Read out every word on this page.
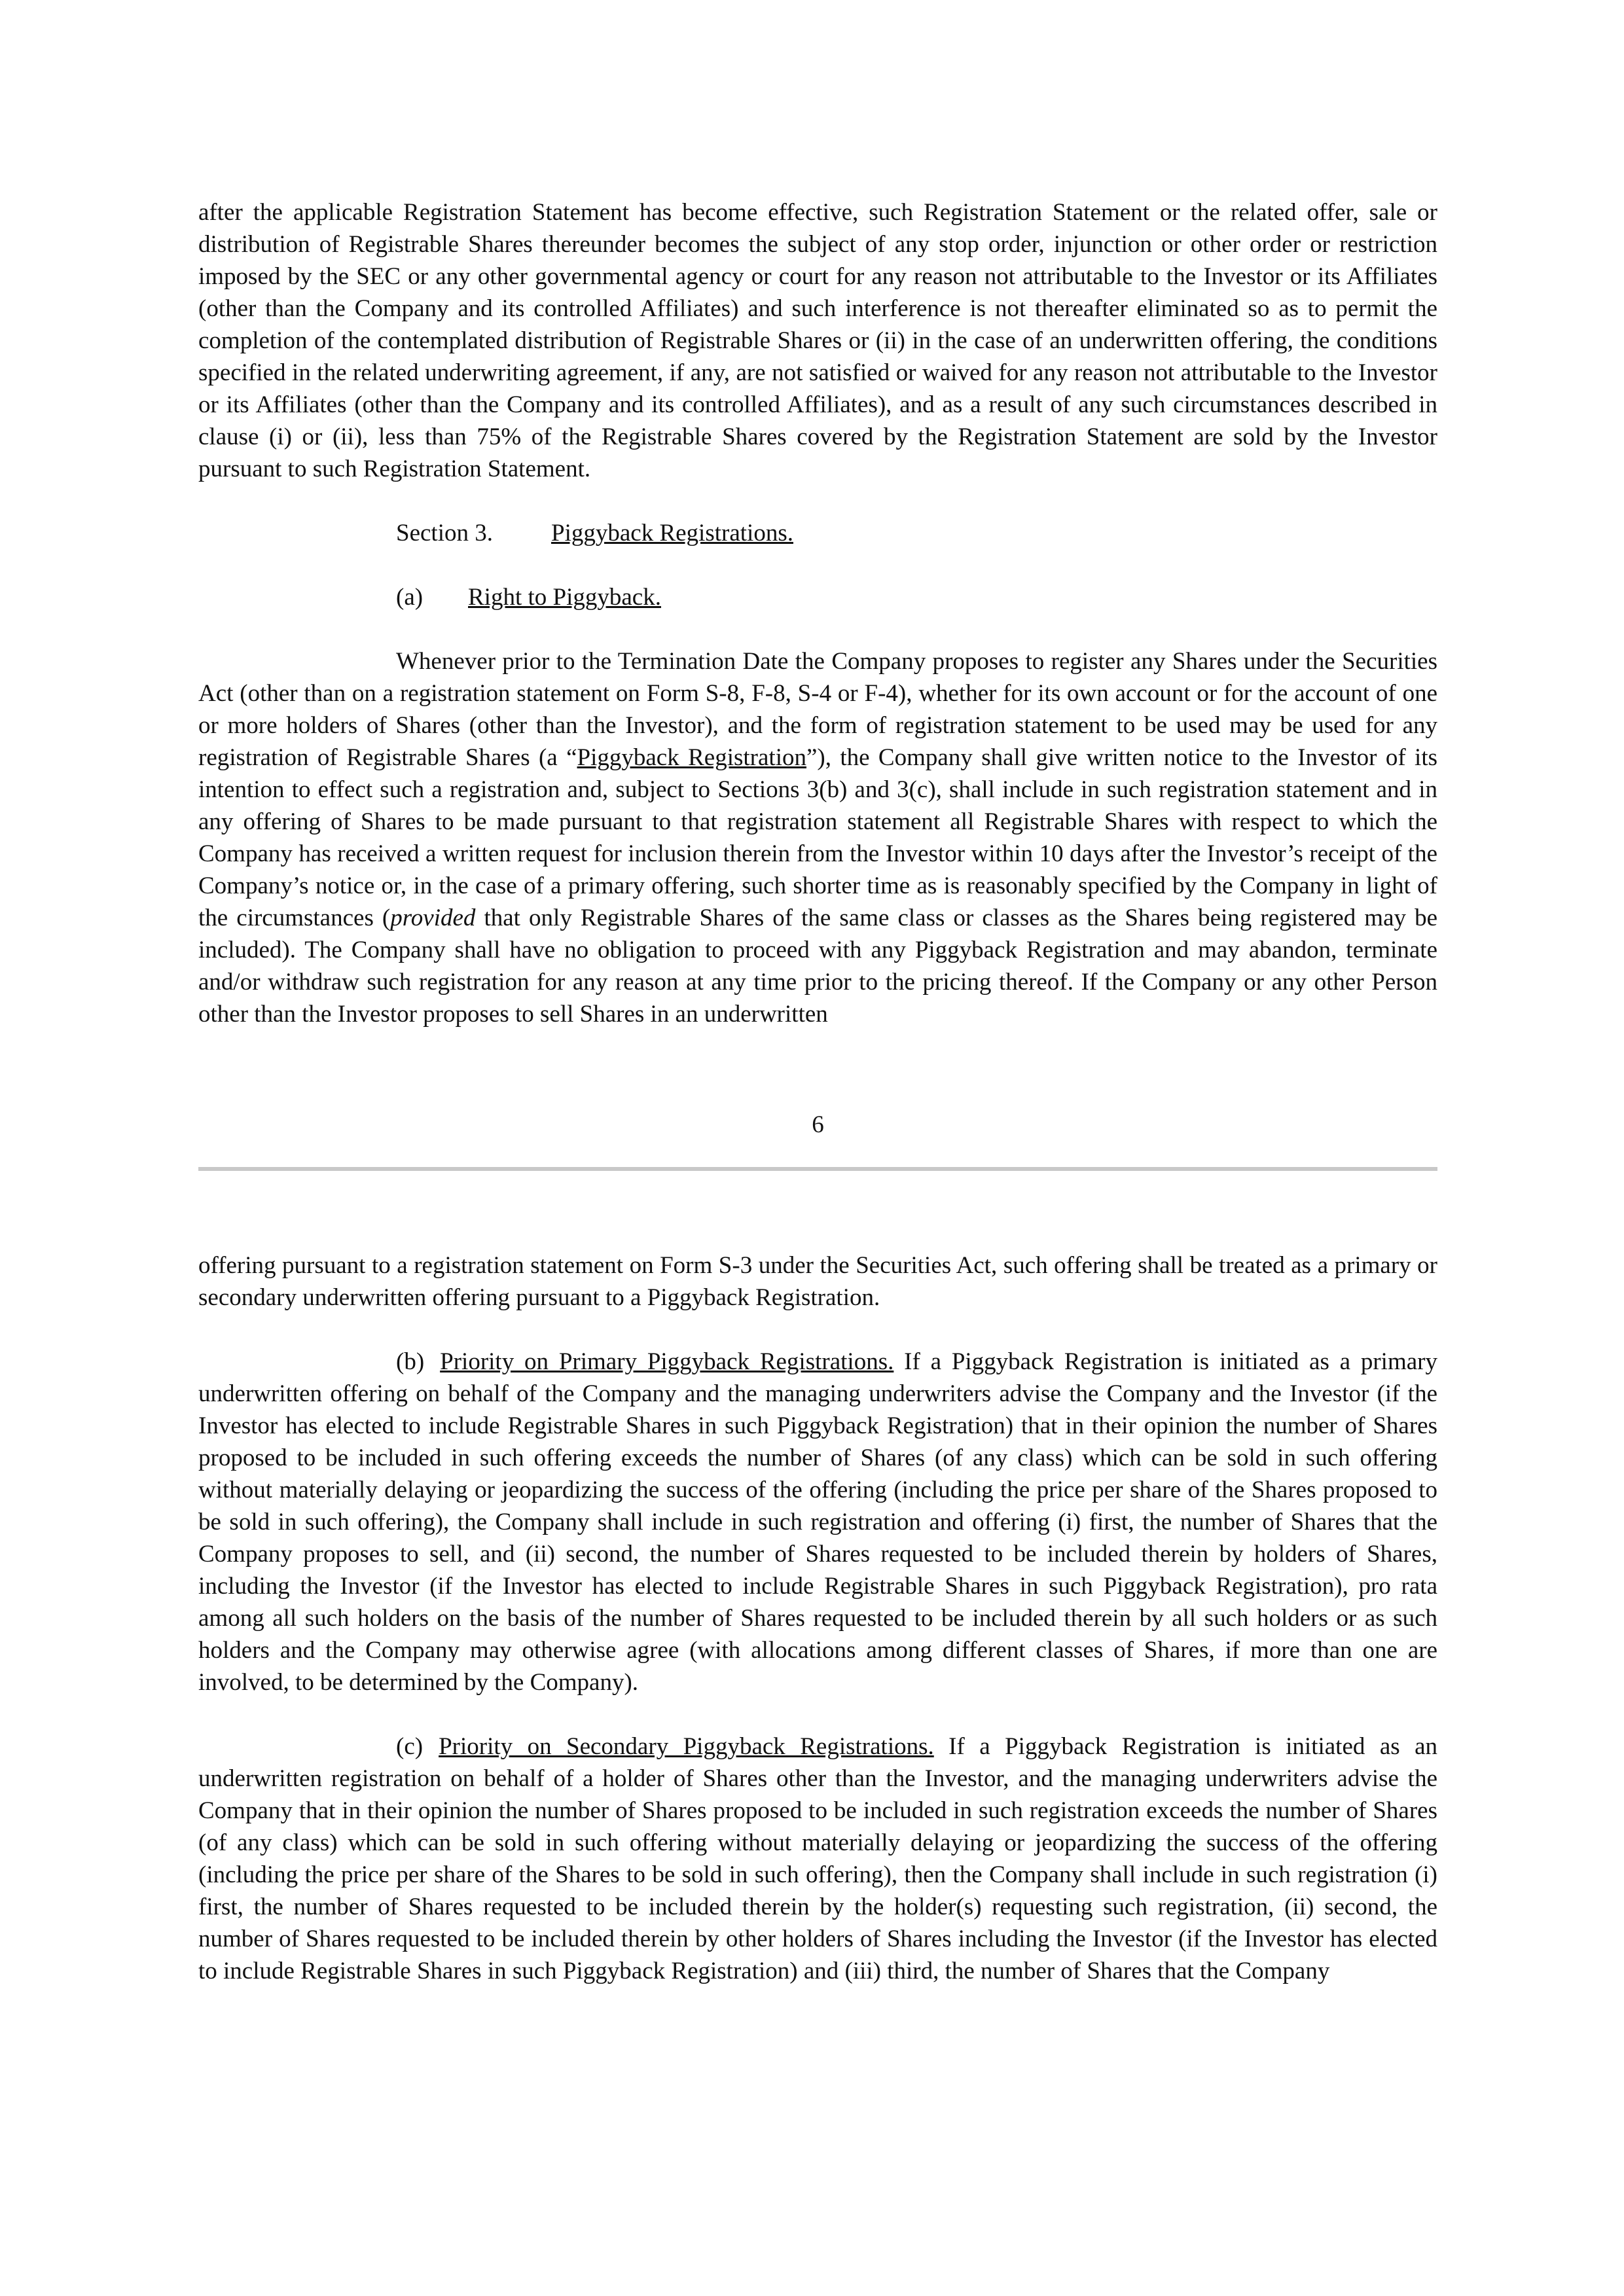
after the applicable Registration Statement has become effective, such Registration Statement or the related offer, sale or distribution of Registrable Shares thereunder becomes the subject of any stop order, injunction or other order or restriction imposed by the SEC or any other governmental agency or court for any reason not attributable to the Investor or its Affiliates (other than the Company and its controlled Affiliates) and such interference is not thereafter eliminated so as to permit the completion of the contemplated distribution of Registrable Shares or (ii) in the case of an underwritten offering, the conditions specified in the related underwriting agreement, if any, are not satisfied or waived for any reason not attributable to the Investor or its Affiliates (other than the Company and its controlled Affiliates), and as a result of any such circumstances described in clause (i) or (ii), less than 75% of the Registrable Shares covered by the Registration Statement are sold by the Investor pursuant to such Registration Statement.

Section 3. Piggyback Registrations.

(a) Right to Piggyback.

Whenever prior to the Termination Date the Company proposes to register any Shares under the Securities Act (other than on a registration statement on Form S-8, F-8, S-4 or F-4), whether for its own account or for the account of one or more holders of Shares (other than the Investor), and the form of registration statement to be used may be used for any registration of Registrable Shares (a “Piggyback Registration”), the Company shall give written notice to the Investor of its intention to effect such a registration and, subject to Sections 3(b) and 3(c), shall include in such registration statement and in any offering of Shares to be made pursuant to that registration statement all Registrable Shares with respect to which the Company has received a written request for inclusion therein from the Investor within 10 days after the Investor’s receipt of the Company’s notice or, in the case of a primary offering, such shorter time as is reasonably specified by the Company in light of the circumstances (provided that only Registrable Shares of the same class or classes as the Shares being registered may be included). The Company shall have no obligation to proceed with any Piggyback Registration and may abandon, terminate and/or withdraw such registration for any reason at any time prior to the pricing thereof. If the Company or any other Person other than the Investor proposes to sell Shares in an underwritten

6

offering pursuant to a registration statement on Form S-3 under the Securities Act, such offering shall be treated as a primary or secondary underwritten offering pursuant to a Piggyback Registration.

(b) Priority on Primary Piggyback Registrations. If a Piggyback Registration is initiated as a primary underwritten offering on behalf of the Company and the managing underwriters advise the Company and the Investor (if the Investor has elected to include Registrable Shares in such Piggyback Registration) that in their opinion the number of Shares proposed to be included in such offering exceeds the number of Shares (of any class) which can be sold in such offering without materially delaying or jeopardizing the success of the offering (including the price per share of the Shares proposed to be sold in such offering), the Company shall include in such registration and offering (i) first, the number of Shares that the Company proposes to sell, and (ii) second, the number of Shares requested to be included therein by holders of Shares, including the Investor (if the Investor has elected to include Registrable Shares in such Piggyback Registration), pro rata among all such holders on the basis of the number of Shares requested to be included therein by all such holders or as such holders and the Company may otherwise agree (with allocations among different classes of Shares, if more than one are involved, to be determined by the Company).

(c) Priority on Secondary Piggyback Registrations. If a Piggyback Registration is initiated as an underwritten registration on behalf of a holder of Shares other than the Investor, and the managing underwriters advise the Company that in their opinion the number of Shares proposed to be included in such registration exceeds the number of Shares (of any class) which can be sold in such offering without materially delaying or jeopardizing the success of the offering (including the price per share of the Shares to be sold in such offering), then the Company shall include in such registration (i) first, the number of Shares requested to be included therein by the holder(s) requesting such registration, (ii) second, the number of Shares requested to be included therein by other holders of Shares including the Investor (if the Investor has elected to include Registrable Shares in such Piggyback Registration) and (iii) third, the number of Shares that the Company
